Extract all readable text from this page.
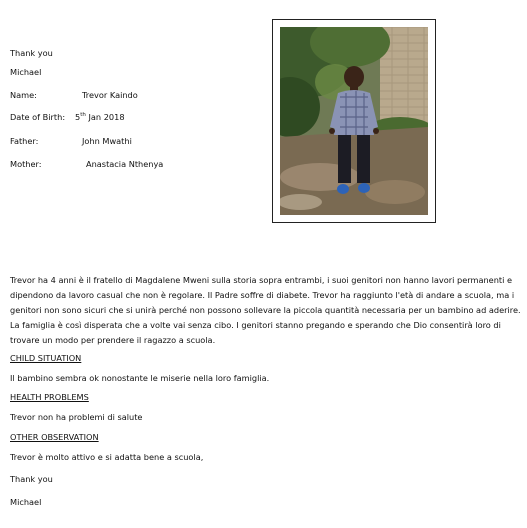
Thank you
Michael
Name:	Trevor Kaindo
Date of Birth: 5th Jan 2018
Father:	John Mwathi
Mother:	Anastacia Nthenya
Trevor ha 4 anni è il fratello di Magdalene Mweni sulla storia sopra entrambi, i suoi genitori non hanno lavori permanenti e dipendono da lavoro casual che non è regolare. Il Padre soffre di diabete. Trevor ha raggiunto l'età di andare a scuola, ma i genitori non sono sicuri che si unirà perché non possono sollevare la piccola quantità necessaria per un bambino ad aderire. La famiglia è così disperata che a volte vai senza cibo. I genitori stanno pregando e sperando che Dio consentirà loro di trovare un modo per prendere il ragazzo a scuola.
CHILD SITUATION
Il bambino sembra ok nonostante le miserie nella loro famiglia.
HEALTH PROBLEMS
Trevor non ha problemi di salute
OTHER OBSERVATION
Trevor è molto attivo e si adatta bene a scuola,
Thank you
Michael
